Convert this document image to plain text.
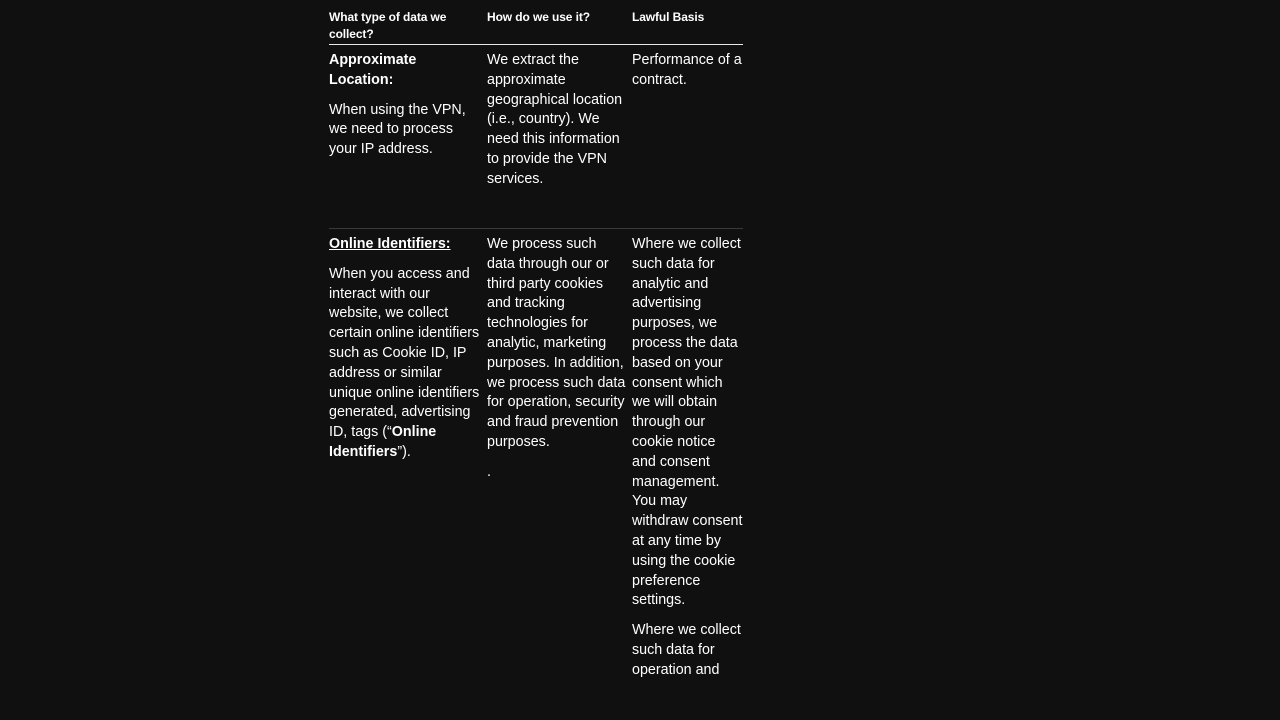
What type of data we collect?
How do we use it?	Lawful Basis

Approximate Location:

When using the VPN, we need to process your IP address.

We extract the approximate geographical location (i.e., country). We need this information to provide the VPN services.

Performance of a contract.

Online Identifiers:

When you access and interact with our website, we collect certain online identifiers such as Cookie ID, IP address or similar unique online identifiers generated, advertising ID, tags (“Online Identifiers”).

We process such data through our or third party cookies and tracking technologies for analytic, marketing purposes. In addition, we process such data for operation, security and fraud prevention purposes.

.

Where we collect such data for analytic and advertising purposes, we process the data based on your consent which we will obtain through our cookie notice and consent management. You may withdraw consent at any time by using the cookie preference settings.

Where we collect such data for operation and
